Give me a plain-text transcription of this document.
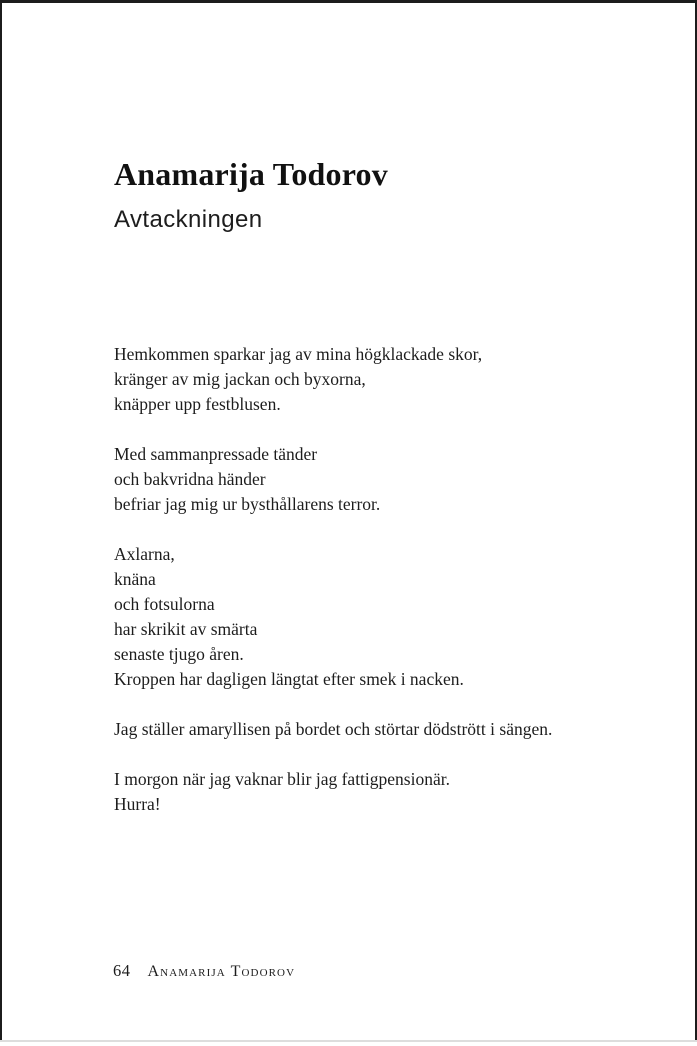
Anamarija Todorov
Avtackningen
Hemkommen sparkar jag av mina högklackade skor,
kränger av mig jackan och byxorna,
knäpper upp festblusen.
Med sammanpressade tänder
och bakvridna händer
befriar jag mig ur bysthållarens terror.
Axlarna,
knäna
och fotsulorna
har skrikit av smärta
senaste tjugo åren.
Kroppen har dagligen längtat efter smek i nacken.
Jag ställer amaryllisen på bordet och störtar dödstrött i sängen.
I morgon när jag vaknar blir jag fattigpensionär.
Hurra!
64 Anamarija Todorov
